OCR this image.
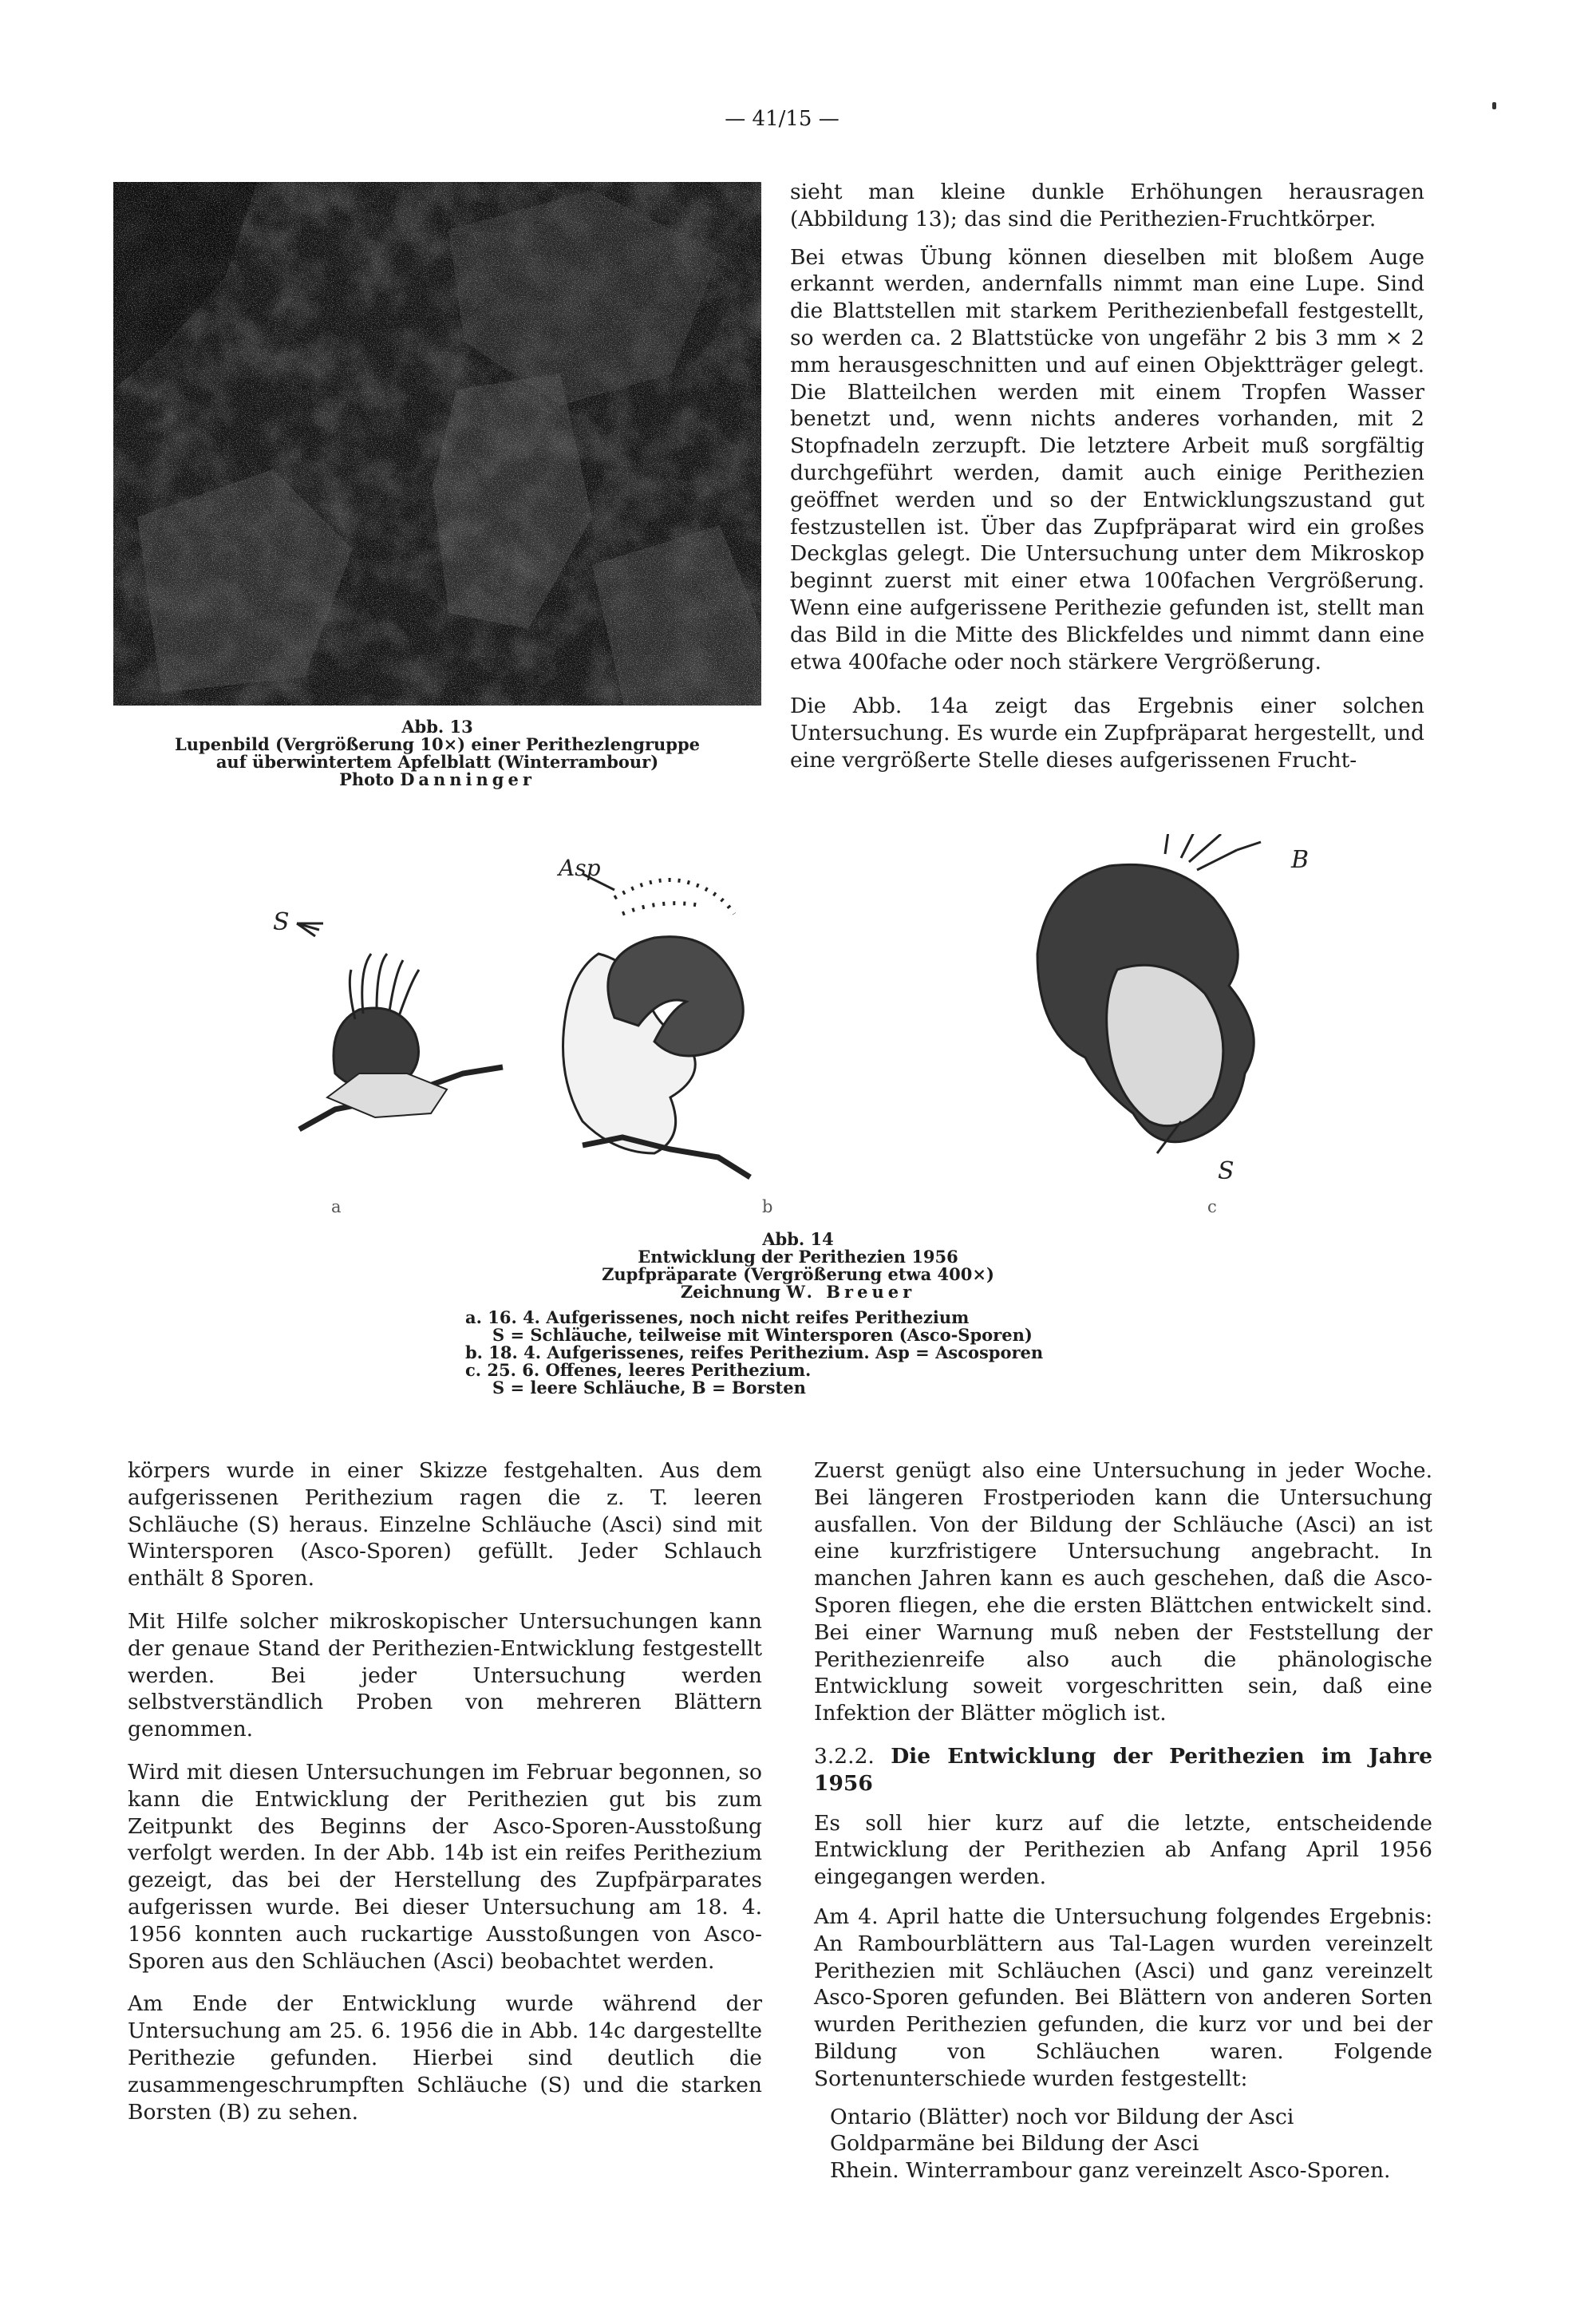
— 41/15 —
Abb. 13
Lupenbild (Vergrößerung 10×) einer Perithezlengruppe
auf überwintertem Apfelblatt (Winterrambour)
Photo Danninger

sieht man kleine dunkle Erhöhungen herausragen (Abbildung 13); das sind die Perithezien-Fruchtkörper.

Bei etwas Übung können dieselben mit bloßem Auge erkannt werden, andernfalls nimmt man eine Lupe. Sind die Blattstellen mit starkem Perithezienbefall festgestellt, so werden ca. 2 Blattstücke von ungefähr 2 bis 3 mm × 2 mm herausgeschnitten und auf einen Objektträger gelegt. Die Blatteilchen werden mit einem Tropfen Wasser benetzt und, wenn nichts anderes vorhanden, mit 2 Stopfnadeln zerzupft. Die letztere Arbeit muß sorgfältig durchgeführt werden, damit auch einige Perithezien geöffnet werden und so der Entwicklungszustand gut festzustellen ist. Über das Zupfpräparat wird ein großes Deckglas gelegt. Die Untersuchung unter dem Mikroskop beginnt zuerst mit einer etwa 100fachen Vergrößerung. Wenn eine aufgerissene Perithezie gefunden ist, stellt man das Bild in die Mitte des Blickfeldes und nimmt dann eine etwa 400fache oder noch stärkere Vergrößerung.

Die Abb. 14a zeigt das Ergebnis einer solchen Untersuchung. Es wurde ein Zupfpräparat hergestellt, und eine vergrößerte Stelle dieses aufgerissenen Frucht-

S
Asp	B
S
a	b	c
Abb. 14
Entwicklung der Perithezien 1956
Zupfpräparate (Vergrößerung etwa 400×)
Zeichnung W. Breuer
a. 16. 4. Aufgerissenes, noch nicht reifes Perithezium
S = Schläuche, teilweise mit Wintersporen (Asco-Sporen)
b. 18. 4. Aufgerissenes, reifes Perithezium. Asp = Ascosporen
c. 25. 6. Offenes, leeres Perithezium.
S = leere Schläuche, B = Borsten

körpers wurde in einer Skizze festgehalten. Aus dem aufgerissenen Perithezium ragen die z. T. leeren Schläuche (S) heraus. Einzelne Schläuche (Asci) sind mit Wintersporen (Asco-Sporen) gefüllt. Jeder Schlauch enthält 8 Sporen.

Mit Hilfe solcher mikroskopischer Untersuchungen kann der genaue Stand der Perithezien-Entwicklung festgestellt werden. Bei jeder Untersuchung werden selbstverständlich Proben von mehreren Blättern genommen.

Wird mit diesen Untersuchungen im Februar begonnen, so kann die Entwicklung der Perithezien gut bis zum Zeitpunkt des Beginns der Asco-Sporen-Ausstoßung verfolgt werden. In der Abb. 14b ist ein reifes Perithezium gezeigt, das bei der Herstellung des Zupfpärparates aufgerissen wurde. Bei dieser Untersuchung am 18. 4. 1956 konnten auch ruckartige Ausstoßungen von Asco-Sporen aus den Schläuchen (Asci) beobachtet werden.

Am Ende der Entwicklung wurde während der Untersuchung am 25. 6. 1956 die in Abb. 14c dargestellte Perithezie gefunden. Hierbei sind deutlich die zusammengeschrumpften Schläuche (S) und die starken Borsten (B) zu sehen.

Zuerst genügt also eine Untersuchung in jeder Woche. Bei längeren Frostperioden kann die Untersuchung ausfallen. Von der Bildung der Schläuche (Asci) an ist eine kurzfristigere Untersuchung angebracht. In manchen Jahren kann es auch geschehen, daß die Asco-Sporen fliegen, ehe die ersten Blättchen entwickelt sind. Bei einer Warnung muß neben der Feststellung der Perithezienreife also auch die phänologische Entwicklung soweit vorgeschritten sein, daß eine Infektion der Blätter möglich ist.

3.2.2. Die Entwicklung der Perithezien im Jahre 1956

Es soll hier kurz auf die letzte, entscheidende Entwicklung der Perithezien ab Anfang April 1956 eingegangen werden.

Am 4. April hatte die Untersuchung folgendes Ergebnis: An Rambourblättern aus Tal-Lagen wurden vereinzelt Perithezien mit Schläuchen (Asci) und ganz vereinzelt Asco-Sporen gefunden. Bei Blättern von anderen Sorten wurden Perithezien gefunden, die kurz vor und bei der Bildung von Schläuchen waren. Folgende Sortenunterschiede wurden festgestellt:

Ontario (Blätter) noch vor Bildung der Asci
Goldparmäne bei Bildung der Asci
Rhein. Winterrambour ganz vereinzelt Asco-Sporen.
